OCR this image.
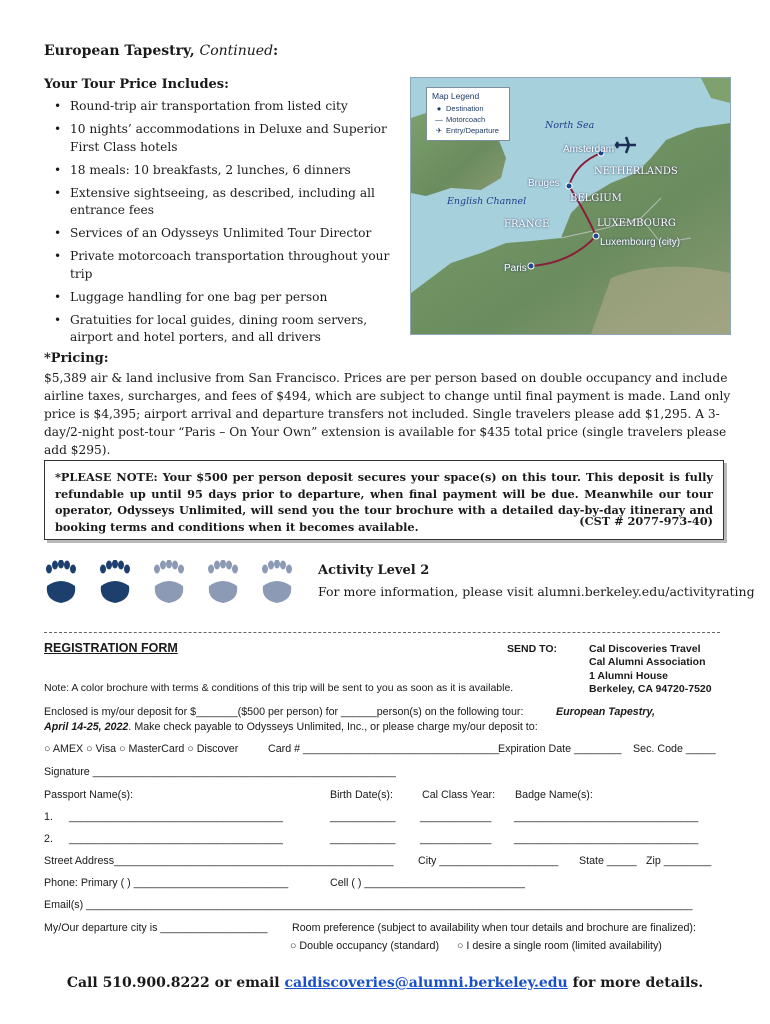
European Tapestry, Continued:
Your Tour Price Includes:
• Round-trip air transportation from listed city
• 10 nights’ accommodations in Deluxe and Superior First Class hotels
• 18 meals: 10 breakfasts, 2 lunches, 6 dinners
• Extensive sightseeing, as described, including all entrance fees
• Services of an Odysseys Unlimited Tour Director
• Private motorcoach transportation throughout your trip
• Luggage handling for one bag per person
• Gratuities for local guides, dining room servers, airport and hotel porters, and all drivers
Map Legend
● Destination
— Motorcoach
✈ Entry/Departure	North Sea
English Channel
Amsterdam
NETHERLANDS
Bruges
BELGIUM
FRANCE	LUXEMBOURG
Luxembourg (city)
Paris
*Pricing:
$5,389 air & land inclusive from San Francisco. Prices are per person based on double occupancy and include airline taxes, surcharges, and fees of $494, which are subject to change until final payment is made. Land only price is $4,395; airport arrival and departure transfers not included. Single travelers please add $1,295. A 3-day/2-night post-tour “Paris – On Your Own” extension is available for $435 total price (single travelers please add $295).
*PLEASE NOTE: Your $500 per person deposit secures your space(s) on this tour. This deposit is fully refundable up until 95 days prior to departure, when final payment will be due. Meanwhile our tour operator, Odysseys Unlimited, will send you the tour brochure with a detailed day-by-day itinerary and booking terms and conditions when it becomes available.	(CST # 2077-973-40)
Activity Level 2
For more information, please visit alumni.berkeley.edu/activityrating
REGISTRATION FORM	SEND TO:	Cal Discoveries Travel
Cal Alumni Association
1 Alumni House
Berkeley, CA 94720-7520
Note: A color brochure with terms & conditions of this trip will be sent to you as soon as it is available.
Enclosed is my/our deposit for $_______($500 per person) for ______person(s) on the following tour:	European Tapestry,
April 14-25, 2022. Make check payable to Odysseys Unlimited, Inc., or please charge my/our deposit to:
○ AMEX ○ Visa ○ MasterCard ○ Discover	Card # _________________________________
Expiration Date ________ Sec. Code _____
Signature ___________________________________________________
Passport Name(s):	Birth Date(s):	Cal Class Year: Badge Name(s):
1. ____________________________________	___________ ____________ _______________________________
2. ____________________________________	___________ ____________ _______________________________
Street Address_______________________________________________ City ____________________ State _____ Zip ________
Phone: Primary ( ) __________________________	Cell ( ) ___________________________
Email(s) ______________________________________________________________________________________________________
My/Our departure city is __________________ Room preference (subject to availability when tour details and brochure are finalized):
○ Double occupancy (standard) ○ I desire a single room (limited availability)
Call 510.900.8222 or email caldiscoveries@alumni.berkeley.edu for more details.
